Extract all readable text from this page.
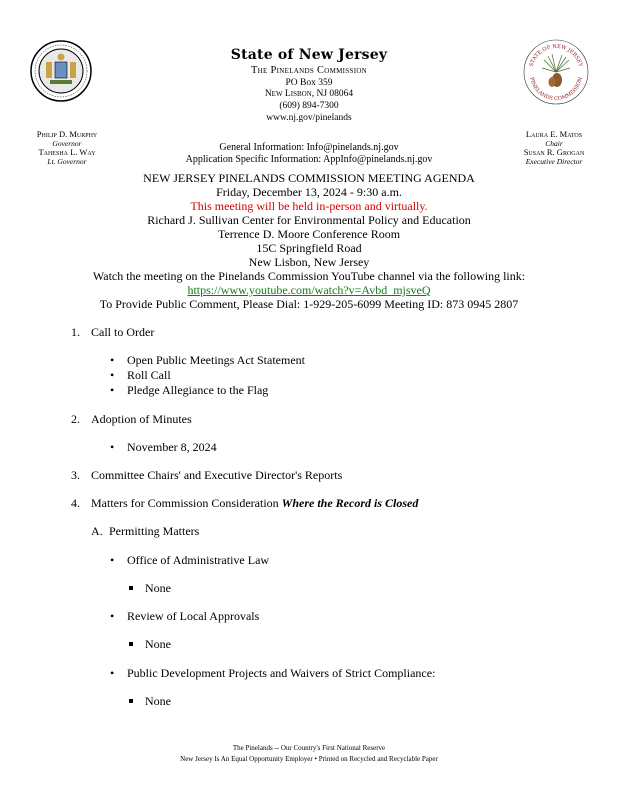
State of New Jersey
The Pinelands Commission
PO Box 359
New Lisbon, NJ 08064
(609) 894-7300
www.nj.gov/pinelands
STATE OF NEW JERSEY
PINELANDS COMMISSION
Philip D. Murphy
Governor
Tahesha L. Way
Lt. Governor
Laura E. Matos
Chair
Susan R. Grogan
Executive Director
General Information: Info@pinelands.nj.gov
Application Specific Information: AppInfo@pinelands.nj.gov
NEW JERSEY PINELANDS COMMISSION MEETING AGENDA
Friday, December 13, 2024 - 9:30 a.m.
This meeting will be held in-person and virtually.
Richard J. Sullivan Center for Environmental Policy and Education
Terrence D. Moore Conference Room
15C Springfield Road
New Lisbon, New Jersey
Watch the meeting on the Pinelands Commission YouTube channel via the following link:
https://www.youtube.com/watch?v=Avbd_mjsveQ
To Provide Public Comment, Please Dial: 1-929-205-6099 Meeting ID: 873 0945 2807
1. Call to Order
• Open Public Meetings Act Statement
• Roll Call
• Pledge Allegiance to the Flag
2. Adoption of Minutes
• November 8, 2024
3. Committee Chairs' and Executive Director's Reports
4. Matters for Commission Consideration Where the Record is Closed
A. Permitting Matters
• Office of Administrative Law
None
• Review of Local Approvals
None
• Public Development Projects and Waivers of Strict Compliance:
None
The Pinelands -- Our Country's First National Reserve
New Jersey Is An Equal Opportunity Employer • Printed on Recycled and Recyclable Paper
